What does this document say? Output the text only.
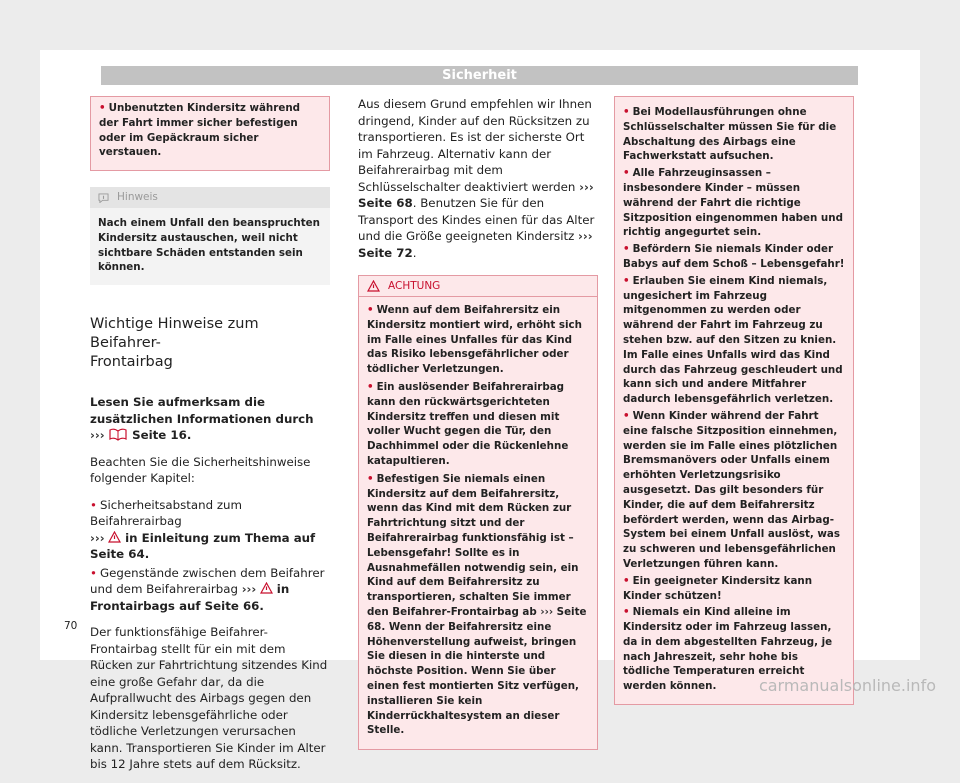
Sicherheit
• Unbenutzten Kindersitz während der Fahrt immer sicher befestigen oder im Gepäckraum sicher verstauen.
Hinweis
Nach einem Unfall den beanspruchten Kindersitz austauschen, weil nicht sichtbare Schäden entstanden sein können.
Wichtige Hinweise zum Beifahrer-
Frontairbag

Lesen Sie aufmerksam die zusätzlichen Informationen durch ››› Seite 16.

Beachten Sie die Sicherheitshinweise folgender Kapitel:

• Sicherheitsabstand zum Beifahrerairbag
››› in Einleitung zum Thema auf Seite 64.

• Gegenstände zwischen dem Beifahrer und dem Beifahrerairbag ››› in Frontairbags auf Seite 66.

Der funktionsfähige Beifahrer-Frontairbag stellt für ein mit dem Rücken zur Fahrtrichtung sitzendes Kind eine große Gefahr dar, da die Aufprallwucht des Airbags gegen den Kindersitz lebensgefährliche oder tödliche Verletzungen verursachen kann. Transportieren Sie Kinder im Alter bis 12 Jahre stets auf dem Rücksitz.

Aus diesem Grund empfehlen wir Ihnen dringend, Kinder auf den Rücksitzen zu transportieren. Es ist der sicherste Ort im Fahrzeug. Alternativ kann der Beifahrerairbag mit dem Schlüsselschalter deaktiviert werden ››› Seite 68. Benutzen Sie für den Transport des Kindes einen für das Alter und die Größe geeigneten Kindersitz ››› Seite 72.

ACHTUNG
• Wenn auf dem Beifahrersitz ein Kindersitz montiert wird, erhöht sich im Falle eines Unfalles für das Kind das Risiko lebensgefährlicher oder tödlicher Verletzungen.
• Ein auslösender Beifahrerairbag kann den rückwärtsgerichteten Kindersitz treffen und diesen mit voller Wucht gegen die Tür, den Dachhimmel oder die Rückenlehne katapultieren.
• Befestigen Sie niemals einen Kindersitz auf dem Beifahrersitz, wenn das Kind mit dem Rücken zur Fahrtrichtung sitzt und der Beifahrerairbag funktionsfähig ist – Lebensgefahr! Sollte es in Ausnahmefällen notwendig sein, ein Kind auf dem Beifahrersitz zu transportieren, schalten Sie immer den Beifahrer-Frontairbag ab ››› Seite 68. Wenn der Beifahrersitz eine Höhenverstellung aufweist, bringen Sie diesen in die hinterste und höchste Position. Wenn Sie über einen fest montierten Sitz verfügen, installieren Sie kein Kinderrückhaltesystem an dieser Stelle.
• Bei Modellausführungen ohne Schlüsselschalter müssen Sie für die Abschaltung des Airbags eine Fachwerkstatt aufsuchen.
• Alle Fahrzeuginsassen – insbesondere Kinder – müssen während der Fahrt die richtige Sitzposition eingenommen haben und richtig angegurtet sein.
• Befördern Sie niemals Kinder oder Babys auf dem Schoß – Lebensgefahr!
• Erlauben Sie einem Kind niemals, ungesichert im Fahrzeug mitgenommen zu werden oder während der Fahrt im Fahrzeug zu stehen bzw. auf den Sitzen zu knien. Im Falle eines Unfalls wird das Kind durch das Fahrzeug geschleudert und kann sich und andere Mitfahrer dadurch lebensgefährlich verletzen.
• Wenn Kinder während der Fahrt eine falsche Sitzposition einnehmen, werden sie im Falle eines plötzlichen Bremsmanövers oder Unfalls einem erhöhten Verletzungsrisiko ausgesetzt. Das gilt besonders für Kinder, die auf dem Beifahrersitz befördert werden, wenn das Airbag-System bei einem Unfall auslöst, was zu schweren und lebensgefährlichen Verletzungen führen kann.
• Ein geeigneter Kindersitz kann Kinder schützen!
• Niemals ein Kind alleine im Kindersitz oder im Fahrzeug lassen, da in dem abgestellten Fahrzeug, je nach Jahreszeit, sehr hohe bis tödliche Temperaturen erreicht werden können.
70
carmanualsonline.info
